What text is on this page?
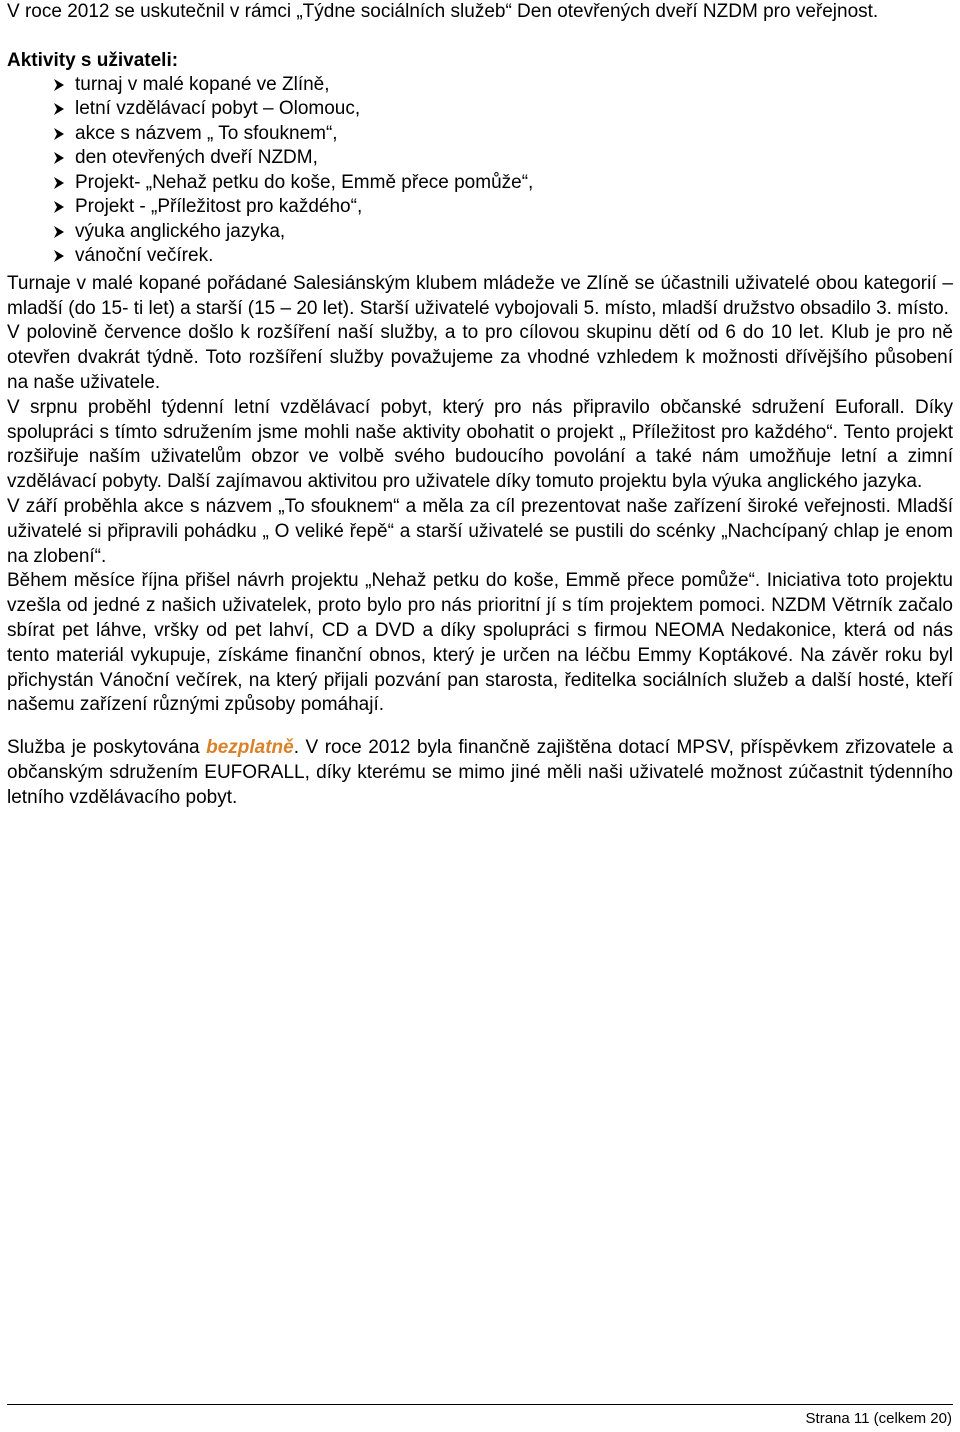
V roce 2012 se uskutečnil v rámci „Týdne sociálních služeb“ Den otevřených dveří NZDM pro veřejnost.

Aktivity s uživateli:

turnaj v malé kopané ve Zlíně,
letní vzdělávací pobyt – Olomouc,
akce s názvem „ To sfouknem“,
den otevřených dveří NZDM,
Projekt- „Nehaž petku do koše, Emmě přece pomůže“,
Projekt - „Příležitost pro každého“,
výuka anglického jazyka,
vánoční večírek.

Turnaje v malé kopané pořádané Salesiánským klubem mládeže ve Zlíně se účastnili uživatelé obou kategorií – mladší (do 15- ti let) a starší (15 – 20 let). Starší uživatelé vybojovali 5. místo, mladší družstvo obsadilo 3. místo.

V polovině července došlo k rozšíření naší služby, a to pro cílovou skupinu dětí od 6 do 10 let. Klub je pro ně otevřen dvakrát týdně. Toto rozšíření služby považujeme za vhodné vzhledem k možnosti dřívějšího působení na naše uživatele.

V srpnu proběhl týdenní letní vzdělávací pobyt, který pro nás připravilo občanské sdružení Euforall. Díky spolupráci s tímto sdružením jsme mohli naše aktivity obohatit o projekt „ Příležitost pro každého“. Tento projekt rozšiřuje naším uživatelům obzor ve volbě svého budoucího povolání a také nám umožňuje letní a zimní vzdělávací pobyty. Další zajímavou aktivitou pro uživatele díky tomuto projektu byla výuka anglického jazyka.

V září proběhla akce s názvem „To sfouknem“ a měla za cíl prezentovat naše zařízení široké veřejnosti. Mladší uživatelé si připravili pohádku „ O veliké řepě“ a starší uživatelé se pustili do scénky „Nachcípaný chlap je enom na zlobení“.

Během měsíce října přišel návrh projektu „Nehaž petku do koše, Emmě přece pomůže“. Iniciativa toto projektu vzešla od jedné z našich uživatelek, proto bylo pro nás prioritní jí s tím projektem pomoci. NZDM Větrník začalo sbírat pet láhve, vršky od pet lahví, CD a DVD a díky spolupráci s firmou NEOMA Nedakonice, která od nás tento materiál vykupuje, získáme finanční obnos, který je určen na léčbu Emmy Koptákové. Na závěr roku byl přichystán Vánoční večírek, na který přijali pozvání pan starosta, ředitelka sociálních služeb a další hosté, kteří našemu zařízení různými způsoby pomáhají.

Služba je poskytována bezplatně. V roce 2012 byla finančně zajištěna dotací MPSV, příspěvkem zřizovatele a občanským sdružením EUFORALL, díky kterému se mimo jiné měli naši uživatelé možnost zúčastnit týdenního letního vzdělávacího pobyt.

Strana 11 (celkem 20)
